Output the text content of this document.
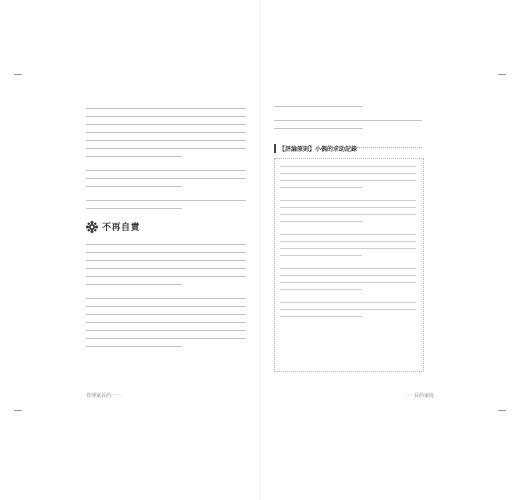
不再自責
管理家長的⋯⋯
【評論原則】小偶的求助記錄
⋯⋯長的家庭
